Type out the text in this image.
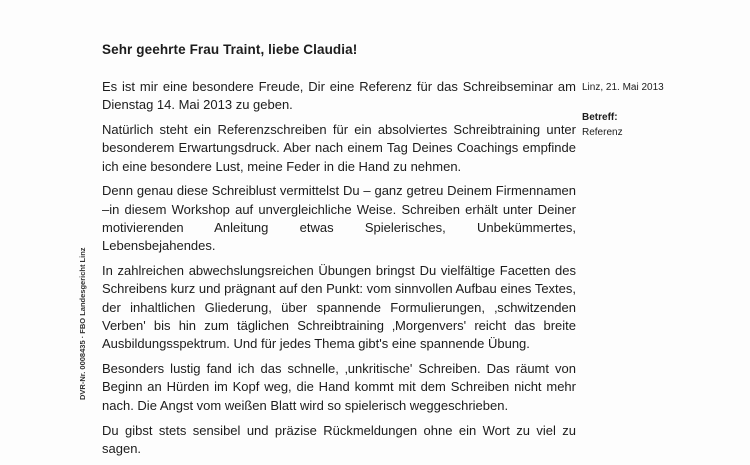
Sehr geehrte Frau Traint, liebe Claudia!

Es ist mir eine besondere Freude, Dir eine Referenz für das Schreibseminar am Dienstag 14. Mai 2013 zu geben.

Natürlich steht ein Referenzschreiben für ein absolviertes Schreibtraining unter besonderem Erwartungsdruck. Aber nach einem Tag Deines Coachings empfinde ich eine besondere Lust, meine Feder in die Hand zu nehmen.

Denn genau diese Schreiblust vermittelst Du – ganz getreu Deinem Firmennamen –in diesem Workshop auf unvergleichliche Weise. Schreiben erhält unter Deiner motivierenden Anleitung etwas Spielerisches, Unbekümmertes, Lebensbejahendes.

In zahlreichen abwechslungsreichen Übungen bringst Du vielfältige Facetten des Schreibens kurz und prägnant auf den Punkt: vom sinnvollen Aufbau eines Textes, der inhaltlichen Gliederung, über spannende Formulierungen, ‚schwitzenden Verben' bis hin zum täglichen Schreibtraining ‚Morgenvers' reicht das breite Ausbildungsspektrum. Und für jedes Thema gibt's eine spannende Übung.

Besonders lustig fand ich das schnelle, ‚unkritische' Schreiben. Das räumt von Beginn an Hürden im Kopf weg, die Hand kommt mit dem Schreiben nicht mehr nach. Die Angst vom weißen Blatt wird so spielerisch weggeschrieben.

Du gibst stets sensibel und präzise Rückmeldungen ohne ein Wort zu viel zu sagen.

Linz, 21. Mai 2013
Betreff:
Referenz
DVR-Nr. 0008435 · FBO Landesgericht Linz
